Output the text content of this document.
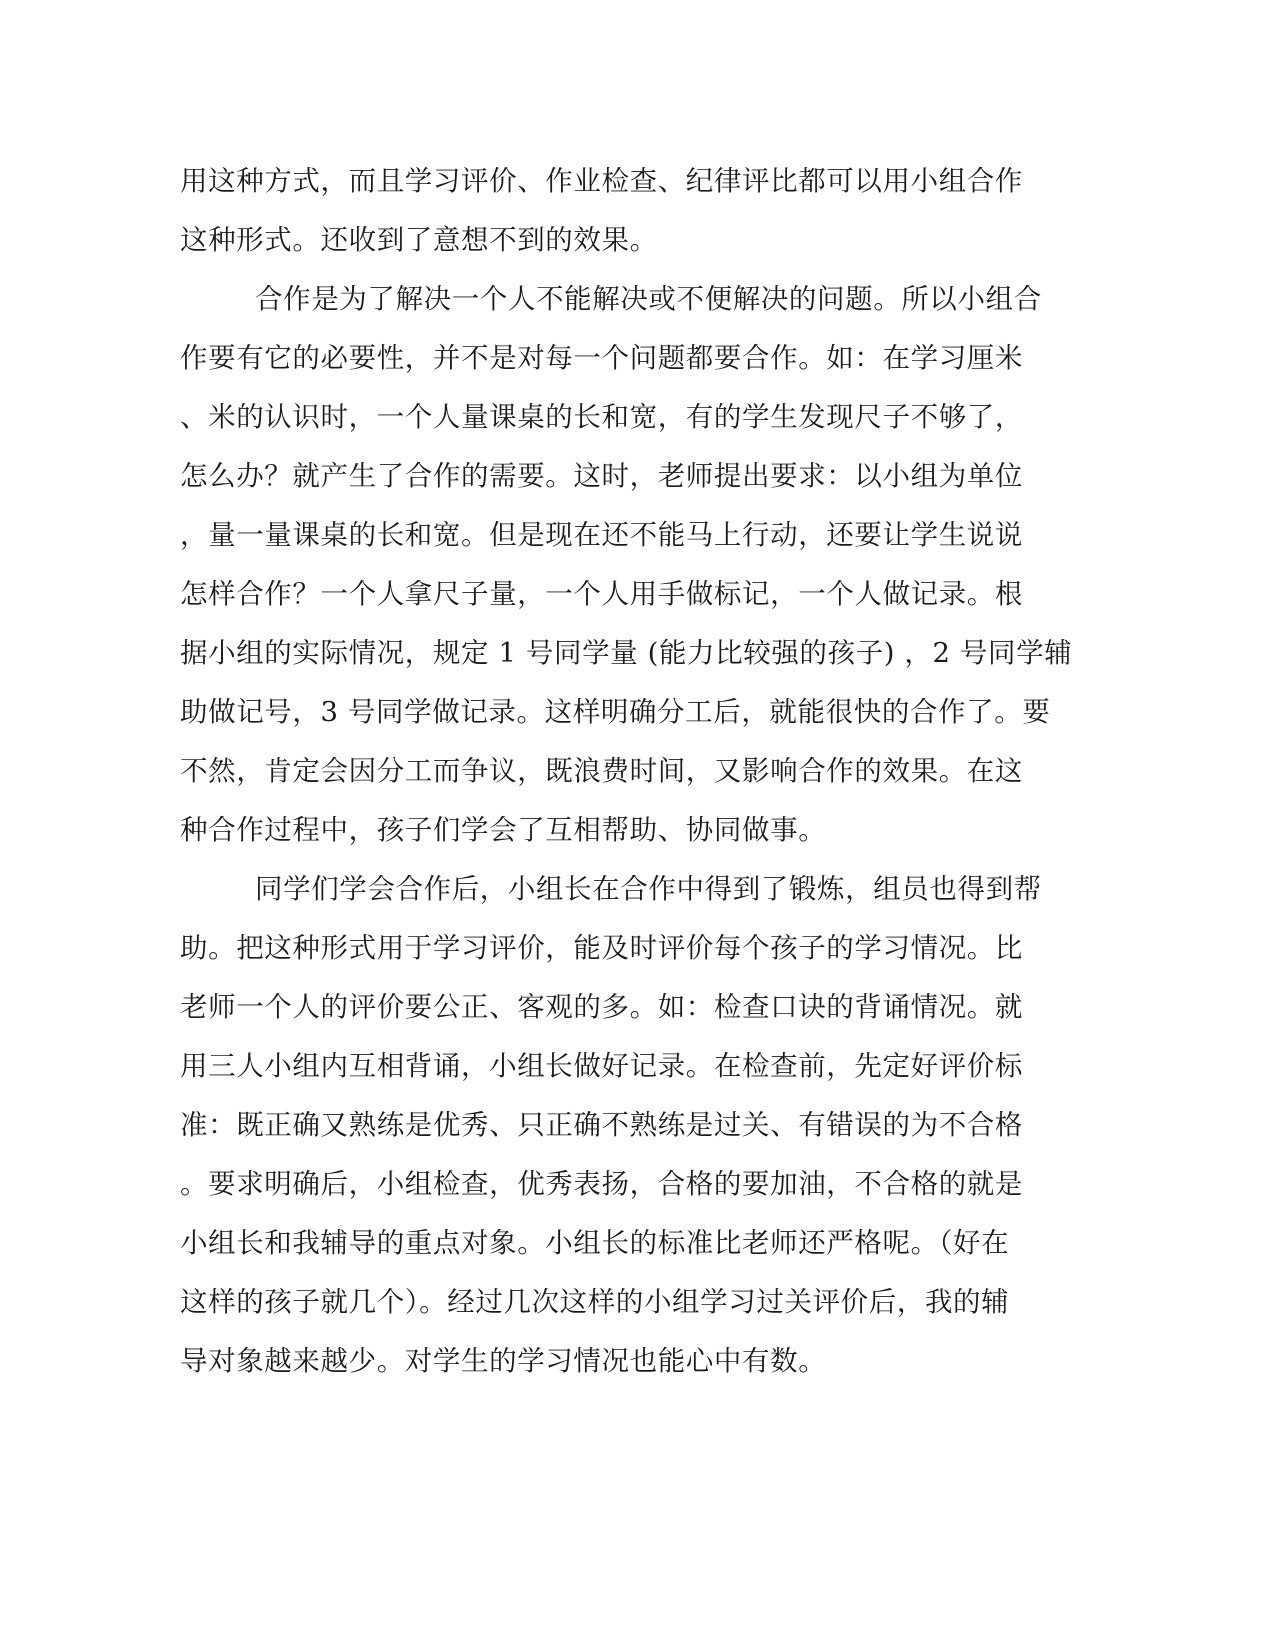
用这种方式，而且学习评价、作业检查、纪律评比都可以用小组合作
这种形式。还收到了意想不到的效果。
合作是为了解决一个人不能解决或不便解决的问题。所以小组合
作要有它的必要性，并不是对每一个问题都要合作。如：在学习厘米
、米的认识时，一个人量课桌的长和宽，有的学生发现尺子不够了，
怎么办？就产生了合作的需要。这时，老师提出要求：以小组为单位
，量一量课桌的长和宽。但是现在还不能马上行动，还要让学生说说
怎样合作？一个人拿尺子量，一个人用手做标记，一个人做记录。根
据小组的实际情况，规定 1 号同学量 (能力比较强的孩子) ，2 号同学辅
助做记号，3 号同学做记录。这样明确分工后，就能很快的合作了。要
不然，肯定会因分工而争议，既浪费时间，又影响合作的效果。在这
种合作过程中，孩子们学会了互相帮助、协同做事。
同学们学会合作后，小组长在合作中得到了锻炼，组员也得到帮
助。把这种形式用于学习评价，能及时评价每个孩子的学习情况。比
老师一个人的评价要公正、客观的多。如：检查口诀的背诵情况。就
用三人小组内互相背诵，小组长做好记录。在检查前，先定好评价标
准：既正确又熟练是优秀、只正确不熟练是过关、有错误的为不合格
。要求明确后，小组检查，优秀表扬，合格的要加油，不合格的就是
小组长和我辅导的重点对象。小组长的标准比老师还严格呢。（好在
这样的孩子就几个）。经过几次这样的小组学习过关评价后，我的辅
导对象越来越少。对学生的学习情况也能心中有数。
